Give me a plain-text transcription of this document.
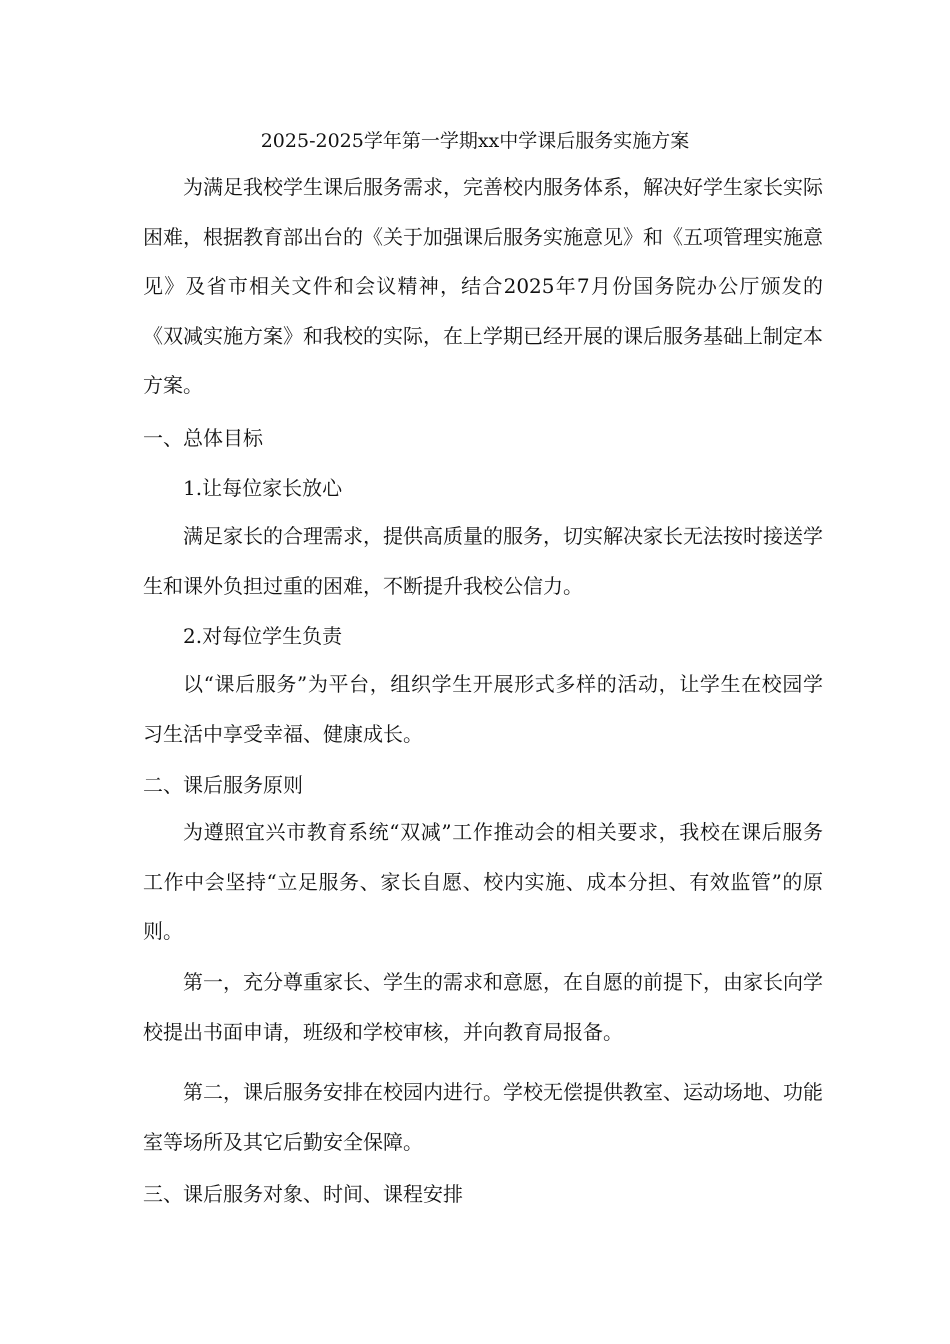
2025-2025学年第一学期xx中学课后服务实施方案
为满足我校学生课后服务需求，完善校内服务体系，解决好学生家长实际困难，根据教育部出台的《关于加强课后服务实施意见》和《五项管理实施意见》及省市相关文件和会议精神，结合2025年7月份国务院办公厅颁发的《双减实施方案》和我校的实际，在上学期已经开展的课后服务基础上制定本方案。
一、总体目标
1.让每位家长放心
满足家长的合理需求，提供高质量的服务，切实解决家长无法按时接送学生和课外负担过重的困难，不断提升我校公信力。
2.对每位学生负责
以“课后服务”为平台，组织学生开展形式多样的活动，让学生在校园学习生活中享受幸福、健康成长。
二、课后服务原则
为遵照宜兴市教育系统“双减”工作推动会的相关要求，我校在课后服务工作中会坚持“立足服务、家长自愿、校内实施、成本分担、有效监管”的原则。
第一，充分尊重家长、学生的需求和意愿，在自愿的前提下，由家长向学校提出书面申请，班级和学校审核，并向教育局报备。
第二，课后服务安排在校园内进行。学校无偿提供教室、运动场地、功能室等场所及其它后勤安全保障。
三、课后服务对象、时间、课程安排
